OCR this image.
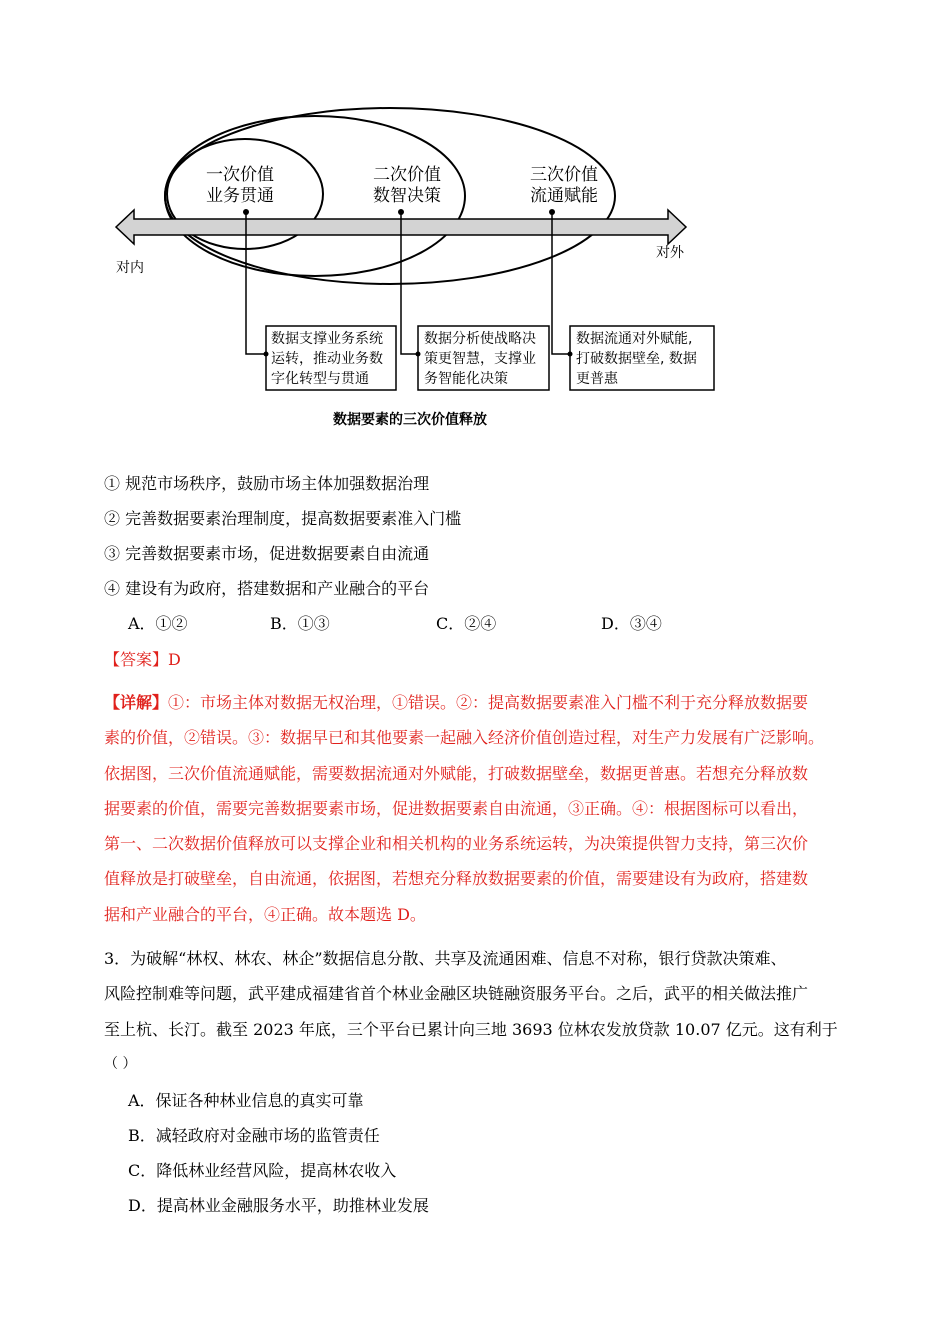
一次价值
业务贯通
二次价值
数智决策
三次价值
流通赋能
对内
对外
数据支撑业务系统
运转，推动业务数
字化转型与贯通
数据分析使战略决
策更智慧，支撑业
务智能化决策
数据流通对外赋能,
打破数据壁垒, 数据
更普惠
数据要素的三次价值释放
① 规范市场秩序，鼓励市场主体加强数据治理
② 完善数据要素治理制度，提高数据要素准入门槛
③ 完善数据要素市场，促进数据要素自由流通
④ 建设有为政府，搭建数据和产业融合的平台
A．①②	B．①③	C．②④	D．③④
【答案】D
【详解】①：市场主体对数据无权治理，①错误。②：提高数据要素准入门槛不利于充分释放数据要
素的价值，②错误。③：数据早已和其他要素一起融入经济价值创造过程，对生产力发展有广泛影响。
依据图，三次价值流通赋能，需要数据流通对外赋能，打破数据壁垒，数据更普惠。若想充分释放数
据要素的价值，需要完善数据要素市场，促进数据要素自由流通，③正确。④：根据图标可以看出，
第一、二次数据价值释放可以支撑企业和相关机构的业务系统运转，为决策提供智力支持，第三次价
值释放是打破壁垒，自由流通，依据图，若想充分释放数据要素的价值，需要建设有为政府，搭建数
据和产业融合的平台，④正确。故本题选 D。
3．为破解“林权、林农、林企”数据信息分散、共享及流通困难、信息不对称，银行贷款决策难、
风险控制难等问题，武平建成福建省首个林业金融区块链融资服务平台。之后，武平的相关做法推广
至上杭、长汀。截至 2023 年底，三个平台已累计向三地 3693 位林农发放贷款 10.07 亿元。这有利于
（ ）
A．保证各种林业信息的真实可靠
B．减轻政府对金融市场的监管责任
C．降低林业经营风险，提高林农收入
D．提高林业金融服务水平，助推林业发展
